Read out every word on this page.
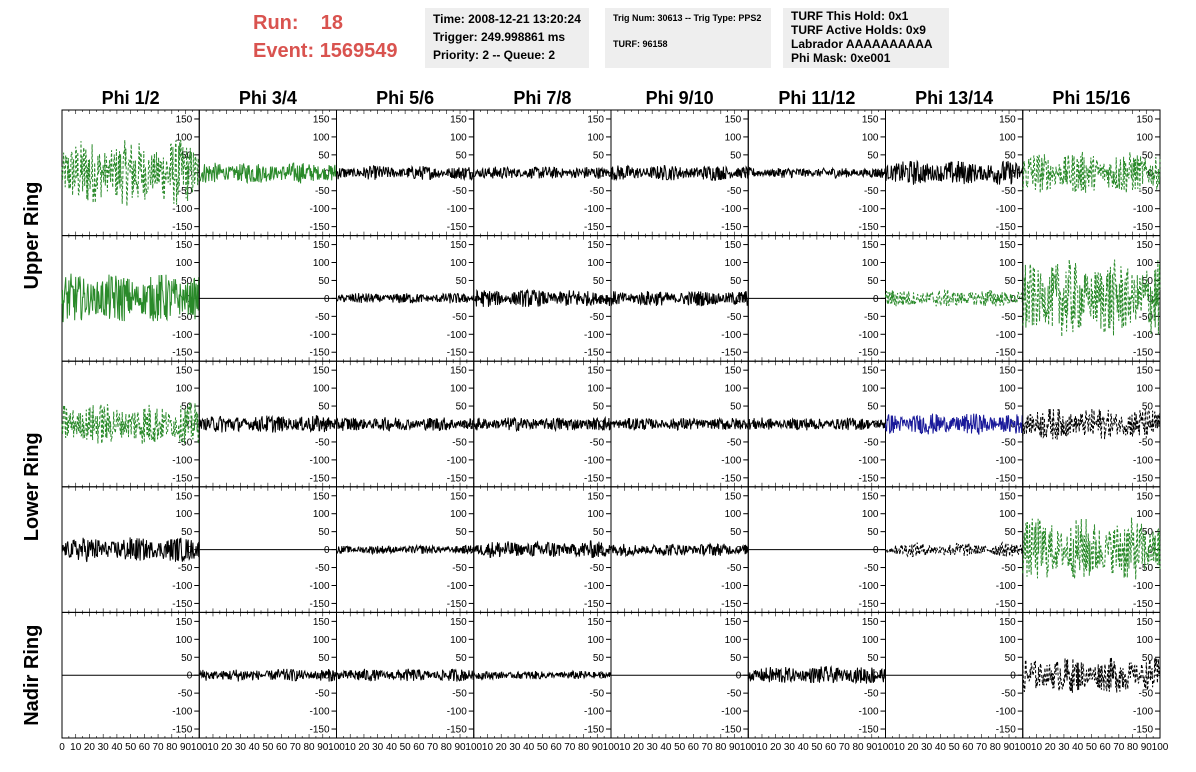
Run: 18
Event: 1569549
Time: 2008-12-21 13:20:24
Trigger: 249.998861 ms
Priority: 2 -- Queue: 2
Trig Num: 30613 -- Trig Type: PPS2
TURF: 96158
TURF This Hold: 0x1
TURF Active Holds: 0x9
Labrador AAAAAAAAAA
Phi Mask: 0xe001
Phi 1/2	Phi 3/4	Phi 5/6	Phi 7/8	Phi 9/10	Phi 11/12	Phi 13/14	Phi 15/16
Upper Ring
Lower Ring
Nadir Ring
150
100
50
0
-50
-100
-150
150
100
50
0
-50
-100
-150
150
100
50
0
-50
-100
-150
150
100
50
0
-50
-100
-150
150
100
50
0
-50
-100
-150
150
100
50
0
-50
-100
-150
150
100
50
0
-50
-100
-150
150
100
50
0
-50
-100
-150
150
100
50
0
-50
-100
-150
150
100
50
0
-50
-100
-150
150
100
50
0
-50
-100
-150
150
100
50
0
-50
-100
-150
150
100
50
0
-50
-100
-150
150
100
50
0
-50
-100
-150
150
100
50
0
-50
-100
-150
150
100
50
0
-50
-100
-150
150
100
50
0
-50
-100
-150
150
100
50
0
-50
-100
-150
150
100
50
0
-50
-100
-150
150
100
50
0
-50
-100
-150
150
100
50
0
-50
-100
-150
150
100
50
0
-50
-100
-150
150
100
50
0
-50
-100
-150
150
100
50
0
-50
-100
-150
150
100
50
0
-50
-100
-150
150
100
50
0
-50
-100
-150
150
100
50
0
-50
-100
-150
150
100
50
0
-50
-100
-150
150
100
50
0
-50
-100
-150
150
100
50
0
-50
-100
-150
150
100
50
0
-50
-100
-150
150
100
50
0
-50
-100
-150
150
100
50
0
-50
-100
-150
150
100
50
0
-50
-100
-150
150
100
50
0
-50
-100
-150
150
100
50
0
-50
-100
-150
150
100
50
0
-50
-100
-150
150
100
50
0
-50
-100
-150
150
100
50
0
-50
-100
-150
150
100
50
0
-50
-100
-150
0 10 20 30 40 50 60 70 80 90 100 10 20 30 40 50 60 70 80 90 100 10 20 30 40 50 60 70 80 90 100 10 20 30 40 50 60 70 80 90 100 10 20 30 40 50 60 70 80 90 100 10 20 30 40 50 60 70 80 90 100 10 20 30 40 50 60 70 80 90 100 10 20 30 40 50 60 70 80 90 100
